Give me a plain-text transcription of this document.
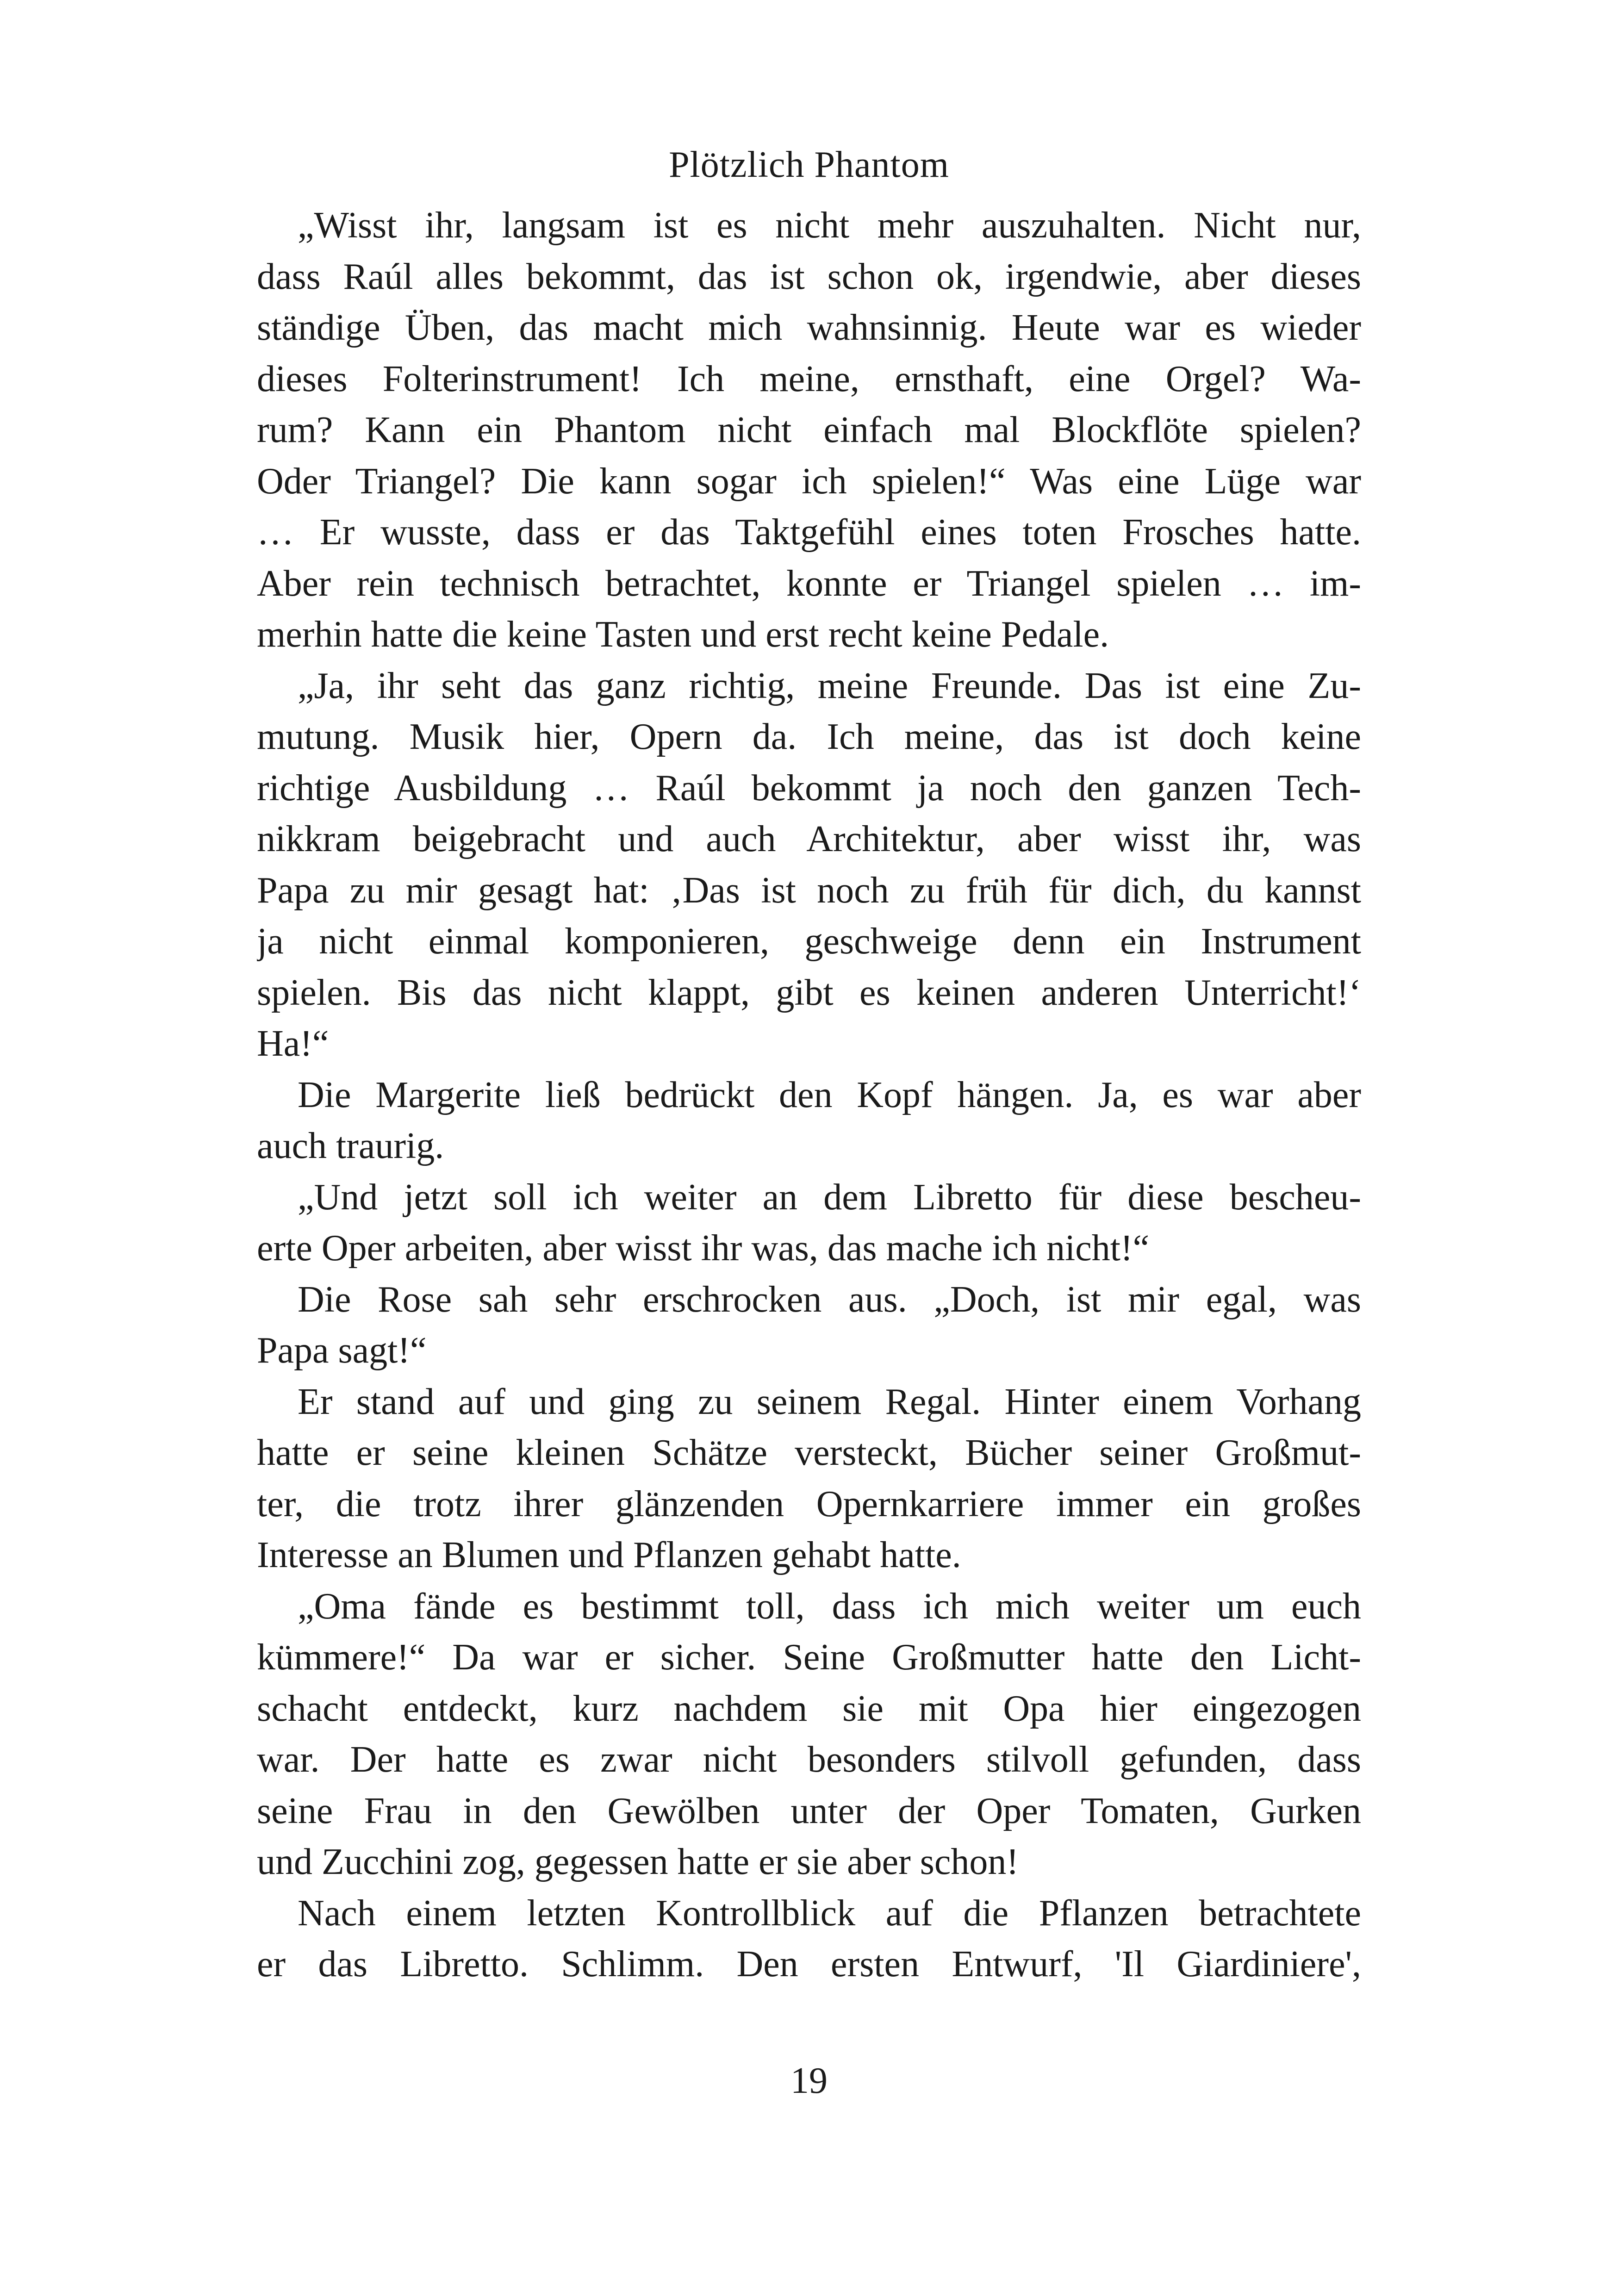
Plötzlich Phantom
„Wisst ihr, langsam ist es nicht mehr auszuhalten. Nicht nur,
dass Raúl alles bekommt, das ist schon ok, irgendwie, aber dieses
ständige Üben, das macht mich wahnsinnig. Heute war es wieder
dieses Folterinstrument! Ich meine, ernsthaft, eine Orgel? Wa-
rum? Kann ein Phantom nicht einfach mal Blockflöte spielen?
Oder Triangel? Die kann sogar ich spielen!“ Was eine Lüge war
… Er wusste, dass er das Taktgefühl eines toten Frosches hatte.
Aber rein technisch betrachtet, konnte er Triangel spielen … im-
merhin hatte die keine Tasten und erst recht keine Pedale.
„Ja, ihr seht das ganz richtig, meine Freunde. Das ist eine Zu-
mutung. Musik hier, Opern da. Ich meine, das ist doch keine
richtige Ausbildung … Raúl bekommt ja noch den ganzen Tech-
nikkram beigebracht und auch Architektur, aber wisst ihr, was
Papa zu mir gesagt hat: ‚Das ist noch zu früh für dich, du kannst
ja nicht einmal komponieren, geschweige denn ein Instrument
spielen. Bis das nicht klappt, gibt es keinen anderen Unterricht!‘
Ha!“
Die Margerite ließ bedrückt den Kopf hängen. Ja, es war aber
auch traurig.
„Und jetzt soll ich weiter an dem Libretto für diese bescheu-
erte Oper arbeiten, aber wisst ihr was, das mache ich nicht!“
Die Rose sah sehr erschrocken aus. „Doch, ist mir egal, was
Papa sagt!“
Er stand auf und ging zu seinem Regal. Hinter einem Vorhang
hatte er seine kleinen Schätze versteckt, Bücher seiner Großmut-
ter, die trotz ihrer glänzenden Opernkarriere immer ein großes
Interesse an Blumen und Pflanzen gehabt hatte.
„Oma fände es bestimmt toll, dass ich mich weiter um euch
kümmere!“ Da war er sicher. Seine Großmutter hatte den Licht-
schacht entdeckt, kurz nachdem sie mit Opa hier eingezogen
war. Der hatte es zwar nicht besonders stilvoll gefunden, dass
seine Frau in den Gewölben unter der Oper Tomaten, Gurken
und Zucchini zog, gegessen hatte er sie aber schon!
Nach einem letzten Kontrollblick auf die Pflanzen betrachtete
er das Libretto. Schlimm. Den ersten Entwurf, 'Il Giardiniere',
19
